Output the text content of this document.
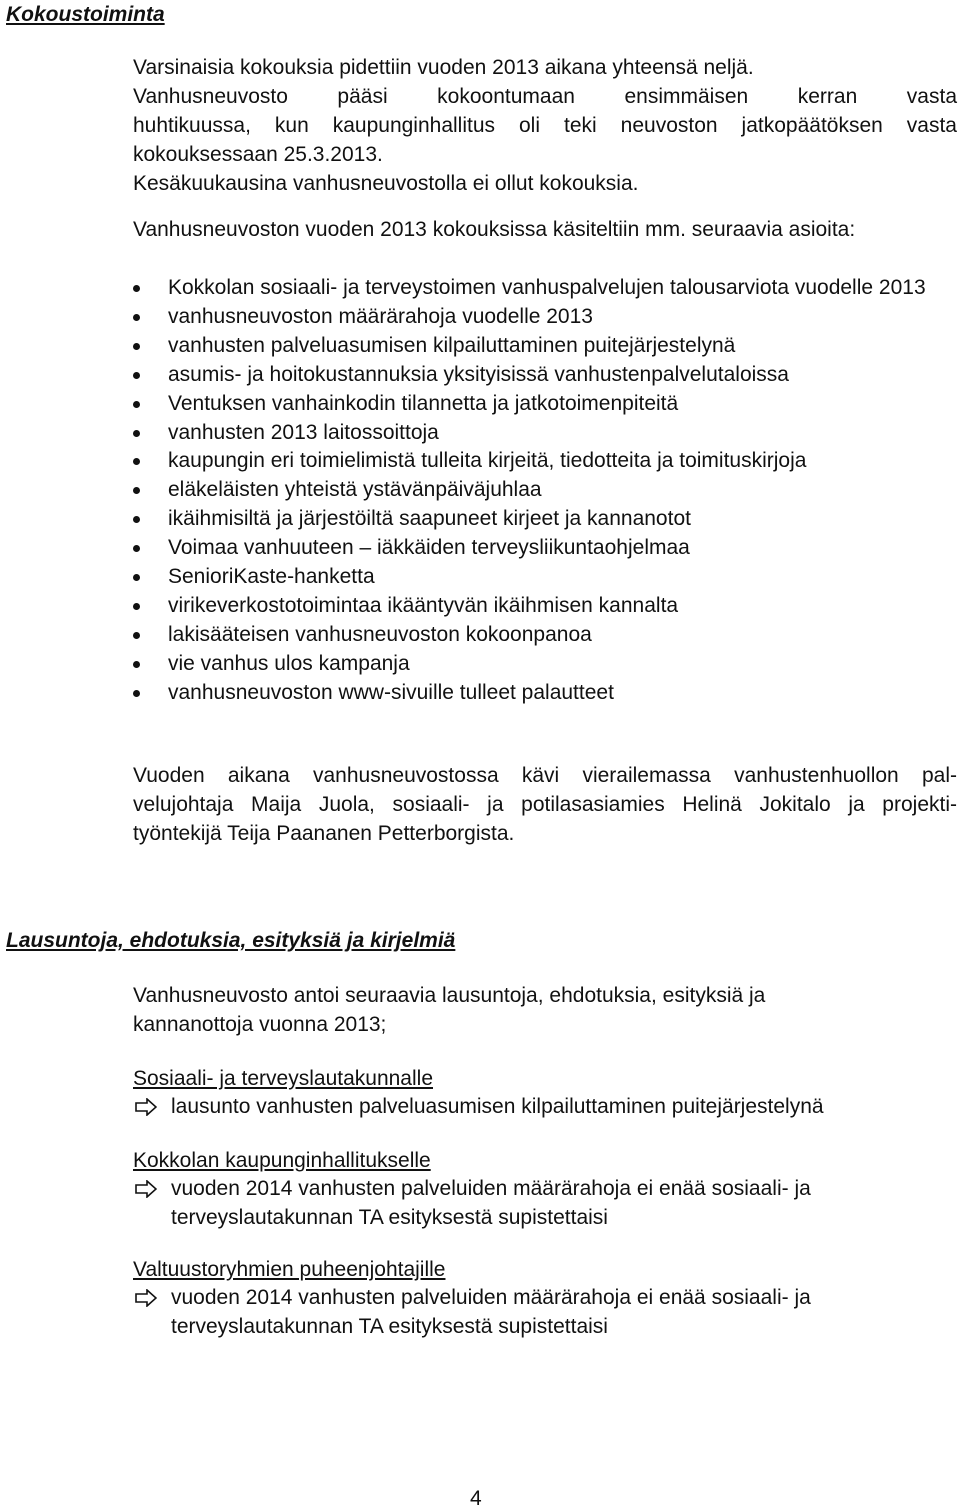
Kokoustoiminta
Varsinaisia kokouksia pidettiin vuoden 2013 aikana yhteensä neljä.
Vanhusneuvosto pääsi kokoontumaan ensimmäisen kerran vasta
huhtikuussa, kun kaupunginhallitus oli teki neuvoston jatkopäätöksen vasta
kokouksessaan 25.3.2013.
Kesäkuukausina vanhusneuvostolla ei ollut kokouksia.

Vanhusneuvoston vuoden 2013 kokouksissa käsiteltiin mm. seuraavia asioita:

Kokkolan sosiaali- ja terveystoimen vanhuspalvelujen talousarviota vuodelle 2013
vanhusneuvoston määrärahoja vuodelle 2013
vanhusten palveluasumisen kilpailuttaminen puitejärjestelynä
asumis- ja hoitokustannuksia yksityisissä vanhustenpalvelutaloissa
Ventuksen vanhainkodin tilannetta ja jatkotoimenpiteitä
vanhusten 2013 laitossoittoja
kaupungin eri toimielimistä tulleita kirjeitä, tiedotteita ja toimituskirjoja
eläkeläisten yhteistä ystävänpäiväjuhlaa
ikäihmisiltä ja järjestöiltä saapuneet kirjeet ja kannanotot
Voimaa vanhuuteen – iäkkäiden terveysliikuntaohjelmaa
SenioriKaste-hanketta
virikeverkostotoimintaa ikääntyvän ikäihmisen kannalta
lakisääteisen vanhusneuvoston kokoonpanoa
vie vanhus ulos kampanja
vanhusneuvoston www-sivuille tulleet palautteet
Vuoden aikana vanhusneuvostossa kävi vierailemassa vanhustenhuollon pal-
velujohtaja Maija Juola, sosiaali- ja potilasasiamies Helinä Jokitalo ja projekti-
työntekijä Teija Paananen Petterborgista.
Lausuntoja, ehdotuksia, esityksiä ja kirjelmiä
Vanhusneuvosto antoi seuraavia lausuntoja, ehdotuksia, esityksiä ja
kannanottoja vuonna 2013;
Sosiaali- ja terveyslautakunnalle
lausunto vanhusten palveluasumisen kilpailuttaminen puitejärjestelynä
Kokkolan kaupunginhallitukselle
vuoden 2014 vanhusten palveluiden määrärahoja ei enää sosiaali- ja terveyslautakunnan TA esityksestä supistettaisi
Valtuustoryhmien puheenjohtajille
vuoden 2014 vanhusten palveluiden määrärahoja ei enää sosiaali- ja terveyslautakunnan TA esityksestä supistettaisi
4
